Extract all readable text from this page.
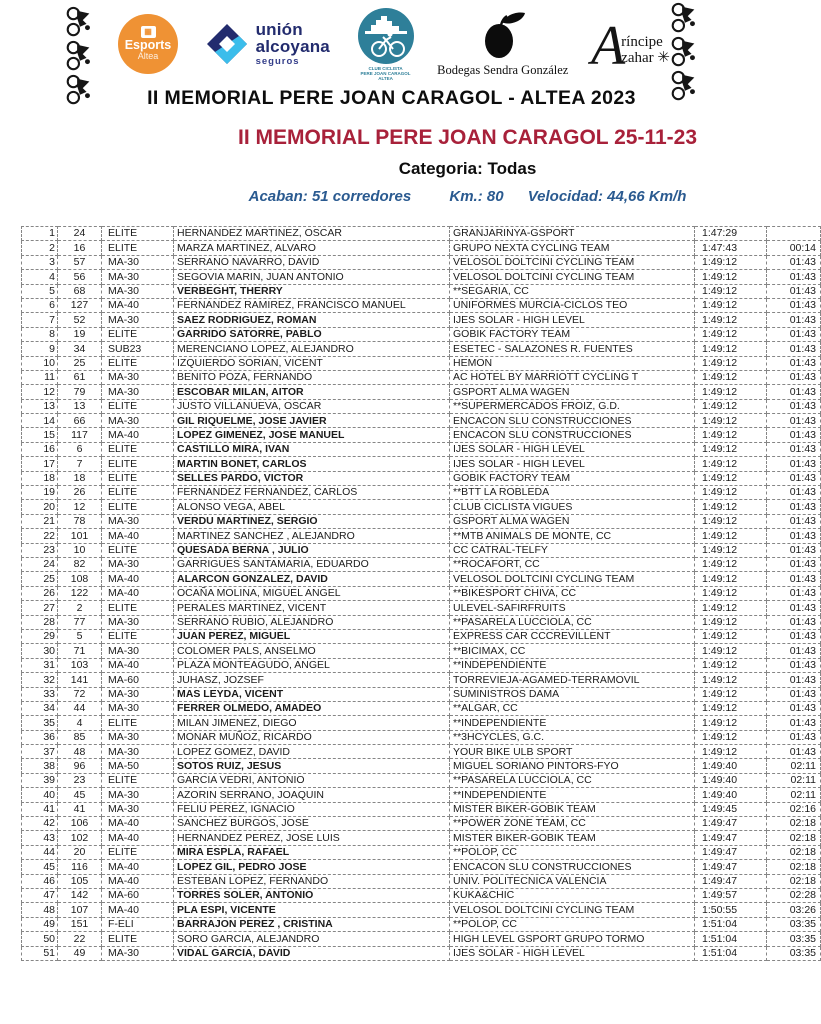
▦
Esports
Altea
unión
alcoyana
seguros
CLUB CICLISTA
PERE JOAN CARAGOL
ALTEA
Bodegas Sendra González A
ríncipe
zahar ✳
II MEMORIAL PERE JOAN CARAGOL - ALTEA 2023
II MEMORIAL PERE JOAN CARAGOL 25-11-23
Categoria: Todas
Acaban: 51 corredores	Km.: 80 Velocidad: 44,66 Km/h
1	24	ELITE	HERNANDEZ MARTINEZ, OSCAR	GRANJARINYA-GSPORT	1:47:29	
2	16	ELITE	MARZA MARTINEZ, ALVARO	GRUPO NEXTA CYCLING TEAM	1:47:43	00:14
3	57	MA-30	SERRANO NAVARRO, DAVID	VELOSOL DOLTCINI CYCLING TEAM	1:49:12	01:43
4	56	MA-30	SEGOVIA MARIN, JUAN ANTONIO	VELOSOL DOLTCINI CYCLING TEAM	1:49:12	01:43
5	68	MA-30	VERBEGHT, THERRY	**SEGARIA, CC	1:49:12	01:43
6	127	MA-40	FERNANDEZ RAMIREZ, FRANCISCO MANUEL	UNIFORMES MURCIA-CICLOS TEO	1:49:12	01:43
7	52	MA-30	SAEZ RODRIGUEZ, ROMAN	IJES SOLAR - HIGH LEVEL	1:49:12	01:43
8	19	ELITE	GARRIDO SATORRE, PABLO	GOBIK FACTORY TEAM	1:49:12	01:43
9	34	SUB23	MERENCIANO LOPEZ, ALEJANDRO	ESETEC - SALAZONES R. FUENTES	1:49:12	01:43
10	25	ELITE	IZQUIERDO SORIAN, VICENT	HEMON	1:49:12	01:43
11	61	MA-30	BENITO POZA, FERNANDO	AC HOTEL BY MARRIOTT CYCLING T	1:49:12	01:43
12	79	MA-30	ESCOBAR MILAN, AITOR	GSPORT ALMA WAGEN	1:49:12	01:43
13	13	ELITE	JUSTO VILLANUEVA, OSCAR	**SUPERMERCADOS FROIZ, G.D.	1:49:12	01:43
14	66	MA-30	GIL RIQUELME, JOSE JAVIER	ENCACON SLU CONSTRUCCIONES	1:49:12	01:43
15	117	MA-40	LOPEZ GIMENEZ, JOSE MANUEL	ENCACON SLU CONSTRUCCIONES	1:49:12	01:43
16	6	ELITE	CASTILLO MIRA, IVAN	IJES SOLAR - HIGH LEVEL	1:49:12	01:43
17	7	ELITE	MARTIN BONET, CARLOS	IJES SOLAR - HIGH LEVEL	1:49:12	01:43
18	18	ELITE	SELLES PARDO, VICTOR	GOBIK FACTORY TEAM	1:49:12	01:43
19	26	ELITE	FERNANDEZ FERNANDEZ, CARLOS	**BTT LA ROBLEDA	1:49:12	01:43
20	12	ELITE	ALONSO VEGA, ABEL	CLUB CICLISTA VIGUES	1:49:12	01:43
21	78	MA-30	VERDU MARTINEZ, SERGIO	GSPORT ALMA WAGEN	1:49:12	01:43
22	101	MA-40	MARTINEZ SANCHEZ , ALEJANDRO	**MTB ANIMALS DE MONTE, CC	1:49:12	01:43
23	10	ELITE	QUESADA BERNA , JULIO	CC CATRAL-TELFY	1:49:12	01:43
24	82	MA-30	GARRIGUES SANTAMARIA, EDUARDO	**ROCAFORT, CC	1:49:12	01:43
25	108	MA-40	ALARCON GONZALEZ, DAVID	VELOSOL DOLTCINI CYCLING TEAM	1:49:12	01:43
26	122	MA-40	OCAÑA MOLINA, MIGUEL ANGEL	**BIKESPORT CHIVA, CC	1:49:12	01:43
27	2	ELITE	PERALES MARTINEZ, VICENT	ULEVEL-SAFIRFRUITS	1:49:12	01:43
28	77	MA-30	SERRANO RUBIO, ALEJANDRO	**PASARELA LUCCIOLA, CC	1:49:12	01:43
29	5	ELITE	JUAN PEREZ, MIGUEL	EXPRESS CAR CCCREVILLENT	1:49:12	01:43
30	71	MA-30	COLOMER PALS, ANSELMO	**BICIMAX, CC	1:49:12	01:43
31	103	MA-40	PLAZA MONTEAGUDO, ANGEL	**INDEPENDIENTE	1:49:12	01:43
32	141	MA-60	JUHASZ, JOZSEF	TORREVIEJA-AGAMED-TERRAMOVIL	1:49:12	01:43
33	72	MA-30	MAS LEYDA, VICENT	SUMINISTROS DAMA	1:49:12	01:43
34	44	MA-30	FERRER OLMEDO, AMADEO	**ALGAR, CC	1:49:12	01:43
35	4	ELITE	MILAN JIMENEZ, DIEGO	**INDEPENDIENTE	1:49:12	01:43
36	85	MA-30	MONAR MUÑOZ, RICARDO	**3HCYCLES, G.C.	1:49:12	01:43
37	48	MA-30	LOPEZ GOMEZ, DAVID	YOUR BIKE ULB SPORT	1:49:12	01:43
38	96	MA-50	SOTOS RUIZ, JESUS	MIGUEL SORIANO PINTORS-FYO	1:49:40	02:11
39	23	ELITE	GARCIA VEDRI, ANTONIO	**PASARELA LUCCIOLA, CC	1:49:40	02:11
40	45	MA-30	AZORIN SERRANO, JOAQUIN	**INDEPENDIENTE	1:49:40	02:11
41	41	MA-30	FELIU PEREZ, IGNACIO	MISTER BIKER-GOBIK TEAM	1:49:45	02:16
42	106	MA-40	SANCHEZ BURGOS, JOSE	**POWER ZONE TEAM, CC	1:49:47	02:18
43	102	MA-40	HERNANDEZ PEREZ, JOSE LUIS	MISTER BIKER-GOBIK TEAM	1:49:47	02:18
44	20	ELITE	MIRA ESPLA, RAFAEL	**POLOP, CC	1:49:47	02:18
45	116	MA-40	LOPEZ GIL, PEDRO JOSE	ENCACON SLU CONSTRUCCIONES	1:49:47	02:18
46	105	MA-40	ESTEBAN LOPEZ, FERNANDO	UNIV. POLITECNICA VALENCIA	1:49:47	02:18
47	142	MA-60	TORRES SOLER, ANTONIO	KUKA&CHIC	1:49:57	02:28
48	107	MA-40	PLA ESPI, VICENTE	VELOSOL DOLTCINI CYCLING TEAM	1:50:55	03:26
49	151	F-ELI	BARRAJON PEREZ , CRISTINA	**POLOP, CC	1:51:04	03:35
50	22	ELITE	SORO GARCIA, ALEJANDRO	HIGH LEVEL GSPORT GRUPO TORMO	1:51:04	03:35
51	49	MA-30	VIDAL GARCIA, DAVID	IJES SOLAR - HIGH LEVEL	1:51:04	03:35
